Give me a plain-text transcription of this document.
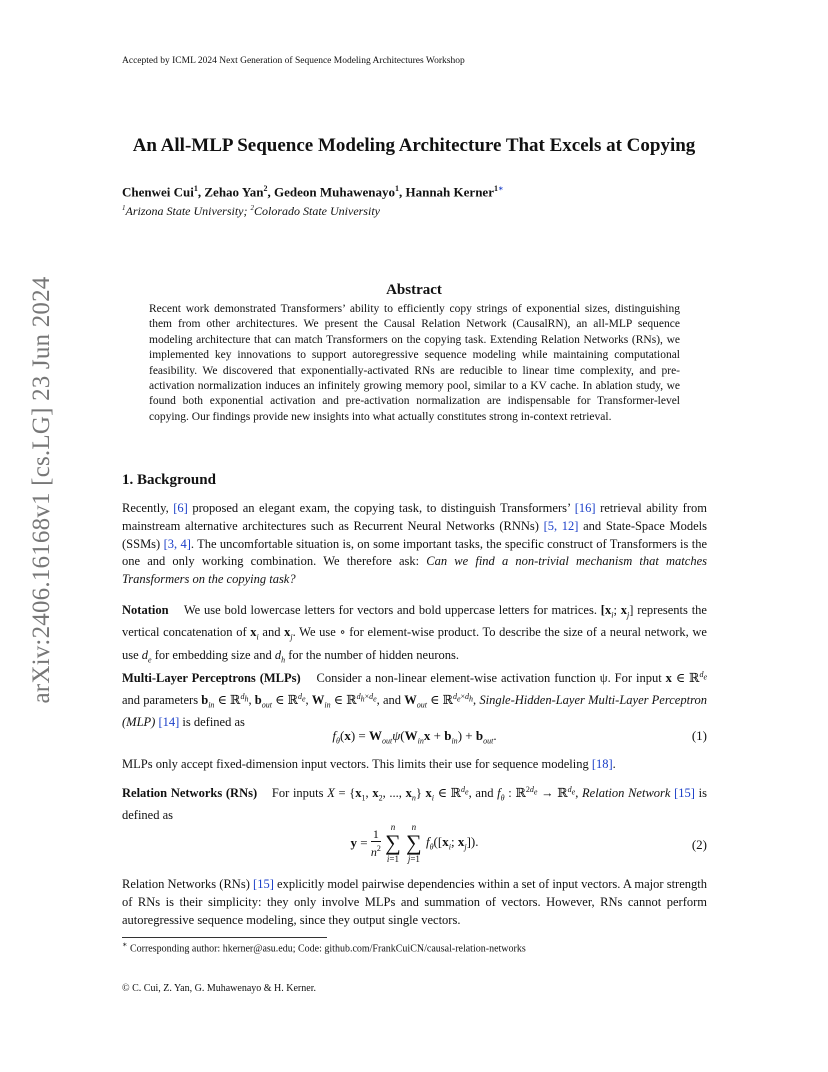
Accepted by ICML 2024 Next Generation of Sequence Modeling Architectures Workshop
arXiv:2406.16168v1 [cs.LG] 23 Jun 2024
An All-MLP Sequence Modeling Architecture That Excels at Copying
Chenwei Cui$^1$, Zehao Yan$^2$, Gedeon Muhawenayo$^1$, Hannah Kerner$^{1∗}$
$^1$Arizona State University; $^2$Colorado State University
Abstract
Recent work demonstrated Transformers’ ability to efficiently copy strings of exponential sizes, distinguishing them from other architectures. We present the Causal Relation Network (CausalRN), an all-MLP sequence modeling architecture that can match Transformers on the copying task. Extending Relation Networks (RNs), we implemented key innovations to support autoregressive sequence modeling while maintaining computational feasibility. We discovered that exponentially-activated RNs are reducible to linear time complexity, and pre-activation normalization induces an infinitely growing memory pool, similar to a KV cache. In ablation study, we found both exponential activation and pre-activation normalization are indispensable for Transformer-level copying. Our findings provide new insights into what actually constitutes strong in-context retrieval.
1. Background
Recently, [6] proposed an elegant exam, the copying task, to distinguish Transformers’ [16] retrieval ability from mainstream alternative architectures such as Recurrent Neural Networks (RNNs) [5, 12] and State-Space Models (SSMs) [3, 4]. The uncomfortable situation is, on some important tasks, the specific construct of Transformers is the one and only working combination. We therefore ask: Can we find a non-trivial mechanism that matches Transformers on the copying task?
Notation We use bold lowercase letters for vectors and bold uppercase letters for matrices. [$x_i$; $x_j$] represents the vertical concatenation of $x_i$ and $x_j$. We use ∘ for element-wise product. To describe the size of a neural network, we use $d_e$ for embedding size and $d_h$ for the number of hidden neurons.
Multi-Layer Perceptrons (MLPs) Consider a non-linear element-wise activation function ψ. For input x ∈ ℝ$^{d_e}$ and parameters $b_{in}$ ∈ ℝ$^{d_h}$, $b_{out}$ ∈ ℝ$^{d_e}$, $W_{in}$ ∈ ℝ$^{d_h\times d_e}$, and $W_{out}$ ∈ ℝ$^{d_e\times d_h}$, Single-Hidden-Layer Multi-Layer Perceptron (MLP) [14] is defined as
$f_\theta(x) = W_{out}\psi(W_{in}x + b_{in}) + b_{out}$.	(1)
MLPs only accept fixed-dimension input vectors. This limits their use for sequence modeling [18].
Relation Networks (RNs) For inputs $X = \{x_1$, $x_2$, ..., $x_n$} $x_i$ ∈ ℝ$^{d_e}$, and $f_\theta$ : ℝ$^{2d_e}$ → ℝ$^{d_e}$, Relation Network [15] is defined as
$y = \frac{1}{n^2}$
n
∑
i=1 n
∑
j=1 $f_\theta([x_i$; $x_j$]).	(2)
Relation Networks (RNs) [15] explicitly model pairwise dependencies within a set of input vectors. A major strength of RNs is their simplicity: they only involve MLPs and summation of vectors. However, RNs cannot perform autoregressive sequence modeling, since they output single vectors.
∗ Corresponding author: hkerner@asu.edu; Code: github.com/FrankCuiCN/causal-relation-networks
© C. Cui, Z. Yan, G. Muhawenayo & H. Kerner.
